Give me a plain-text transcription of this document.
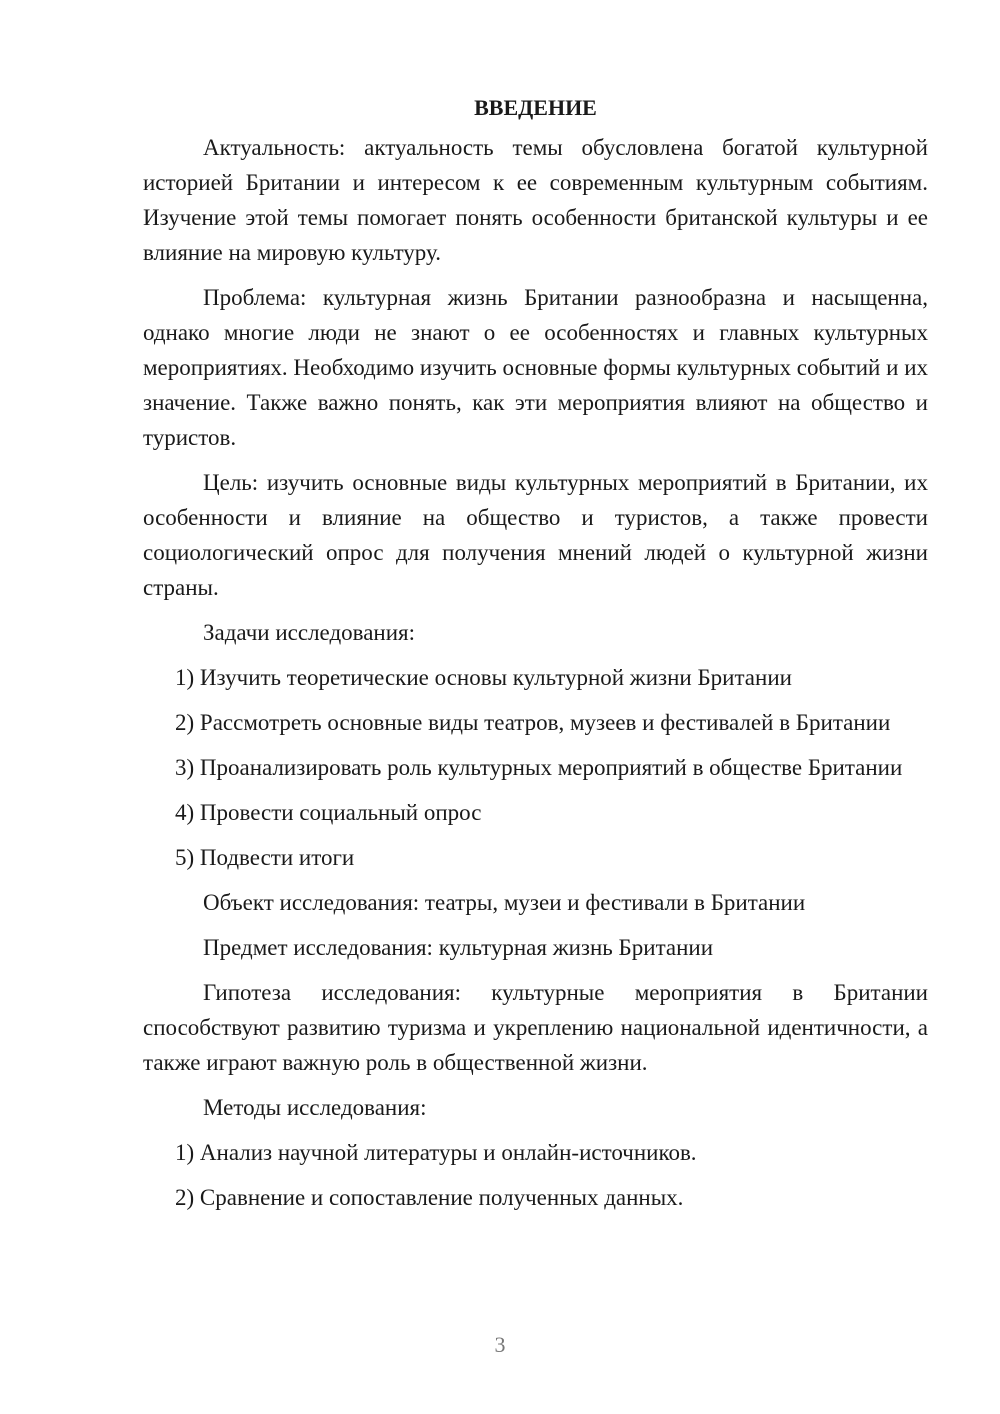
ВВЕДЕНИЕ
Актуальность: актуальность темы обусловлена богатой культурной историей Британии и интересом к ее современным культурным событиям. Изучение этой темы помогает понять особенности британской культуры и ее влияние на мировую культуру.
Проблема: культурная жизнь Британии разнообразна и насыщенна, однако многие люди не знают о ее особенностях и главных культурных мероприятиях. Необходимо изучить основные формы культурных событий и их значение. Также важно понять, как эти мероприятия влияют на общество и туристов.
Цель: изучить основные виды культурных мероприятий в Британии, их особенности и влияние на общество и туристов, а также провести социологический опрос для получения мнений людей о культурной жизни страны.
Задачи исследования:
1) Изучить теоретические основы культурной жизни Британии
2) Рассмотреть основные виды театров, музеев и фестивалей в Британии
3) Проанализировать роль культурных мероприятий в обществе Британии
4) Провести социальный опрос
5) Подвести итоги
Объект исследования: театры, музеи и фестивали в Британии
Предмет исследования: культурная жизнь Британии
Гипотеза исследования: культурные мероприятия в Британии способствуют развитию туризма и укреплению национальной идентичности, а также играют важную роль в общественной жизни.
Методы исследования:
1) Анализ научной литературы и онлайн-источников.
2) Сравнение и сопоставление полученных данных.
3
